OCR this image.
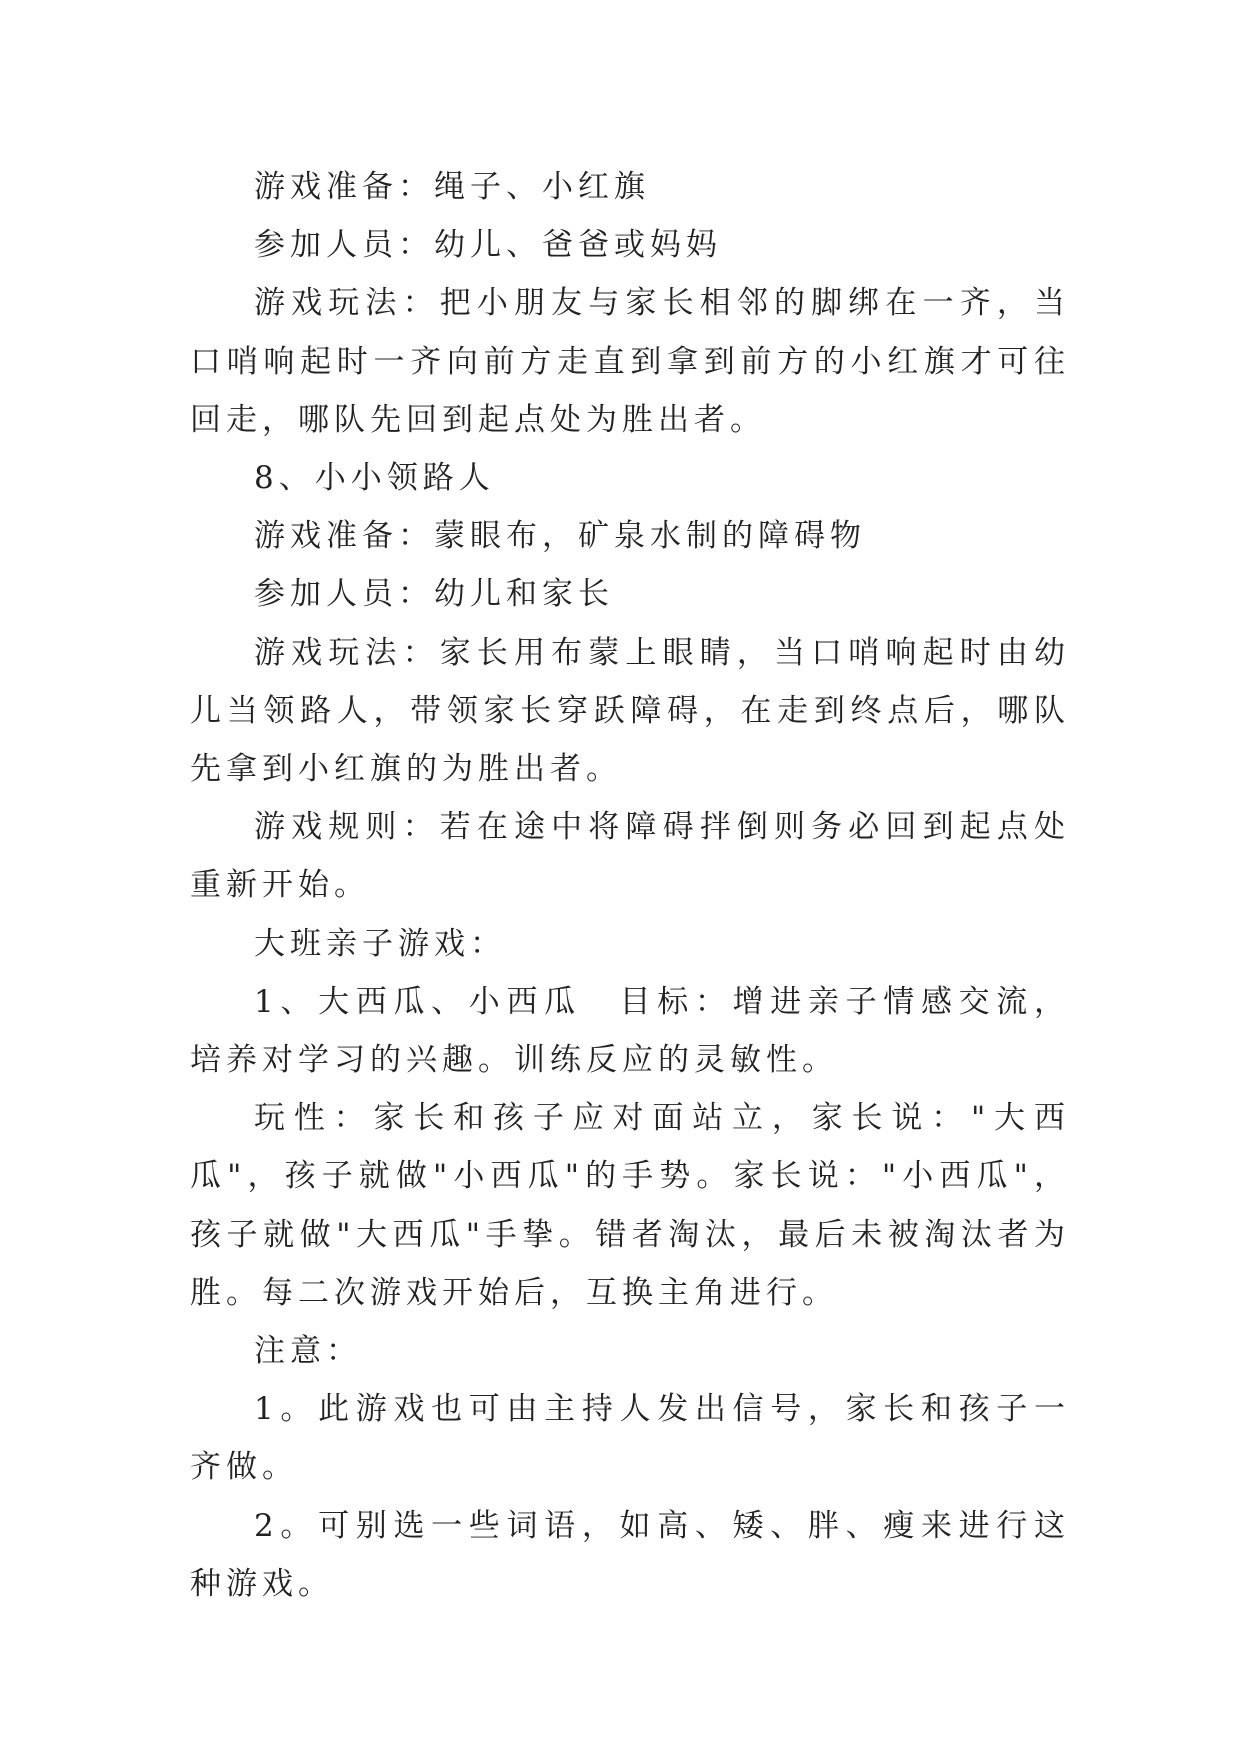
游戏准备：绳子、小红旗

参加人员：幼儿、爸爸或妈妈

游戏玩法：把小朋友与家长相邻的脚绑在一齐，当口哨响起时一齐向前方走直到拿到前方的小红旗才可往回走，哪队先回到起点处为胜出者。

8、小小领路人

游戏准备：蒙眼布，矿泉水制的障碍物

参加人员：幼儿和家长

游戏玩法：家长用布蒙上眼睛，当口哨响起时由幼儿当领路人，带领家长穿跃障碍，在走到终点后，哪队先拿到小红旗的为胜出者。

游戏规则：若在途中将障碍拌倒则务必回到起点处重新开始。

大班亲子游戏：

1、大西瓜、小西瓜　目标：增进亲子情感交流，培养对学习的兴趣。训练反应的灵敏性。

玩性：家长和孩子应对面站立，家长说："大西瓜"，孩子就做"小西瓜"的手势。家长说："小西瓜"，孩子就做"大西瓜"手挚。错者淘汰，最后未被淘汰者为胜。每二次游戏开始后，互换主角进行。

注意：

1。此游戏也可由主持人发出信号，家长和孩子一齐做。

2。可别选一些词语，如高、矮、胖、瘦来进行这种游戏。
